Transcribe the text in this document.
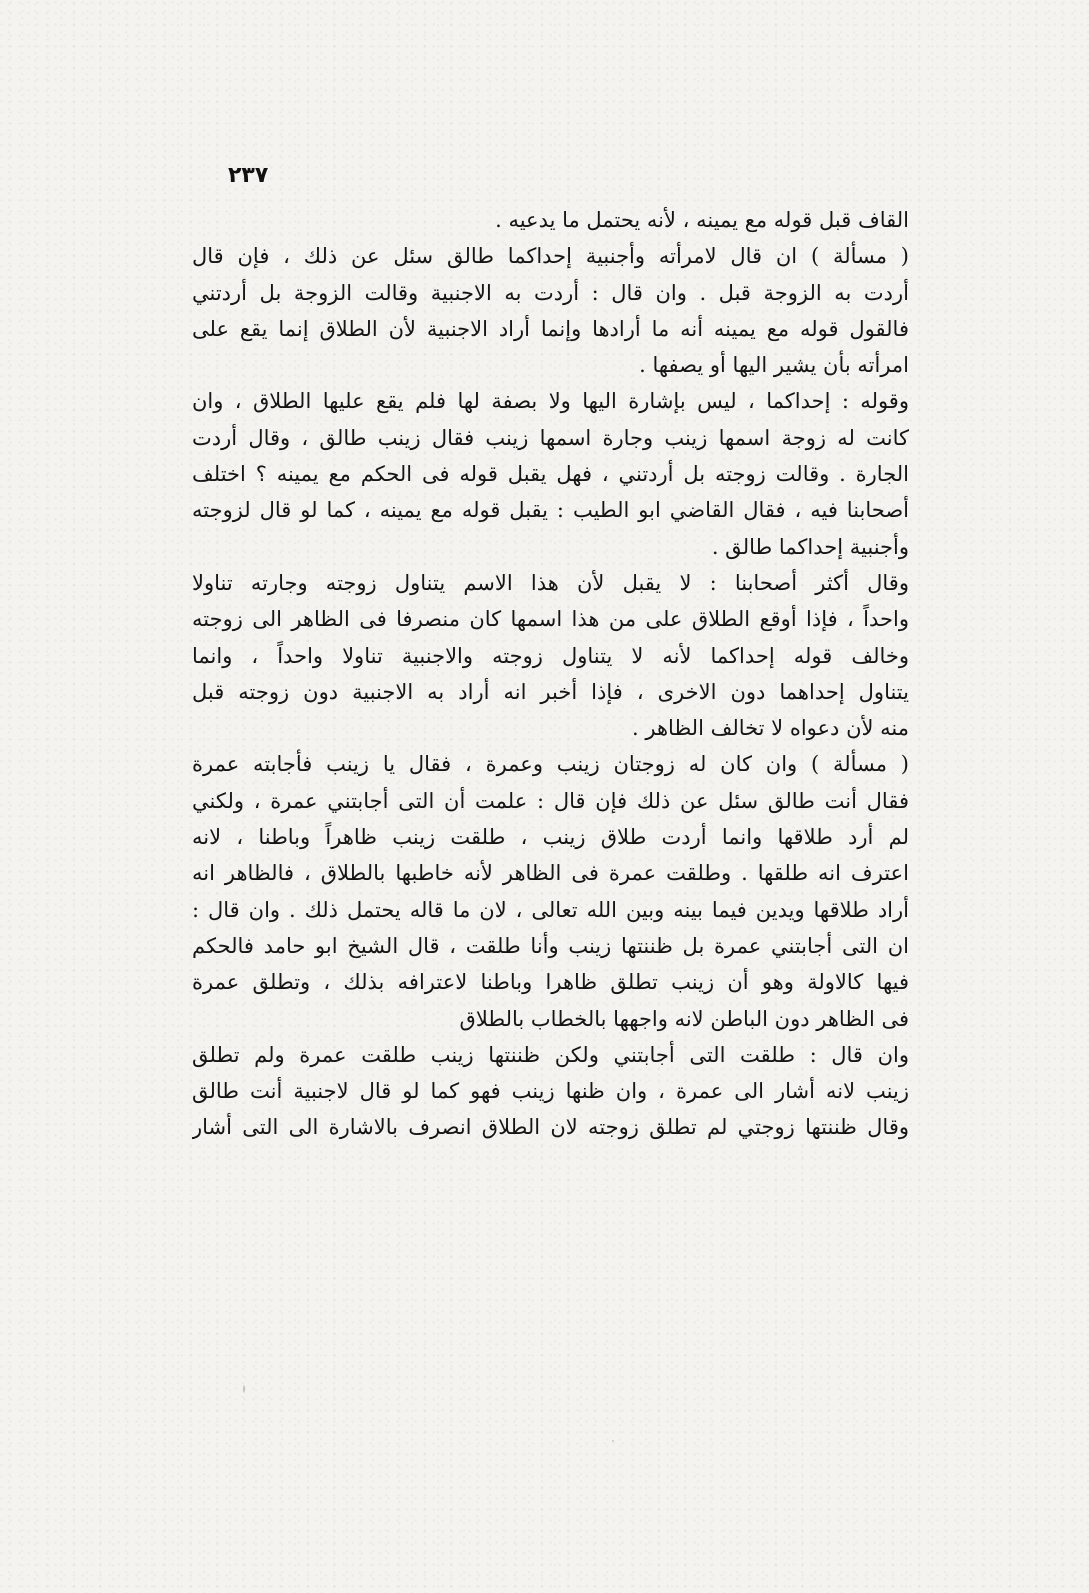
٢٣٧
القاف قبل قوله مع يمينه ، لأنه يحتمل ما يدعيه .
( مسألة ) ان قال لامرأته وأجنبية إحداكما طالق سئل عن ذلك ، فإن قال
أردت به الزوجة قبل . وان قال : أردت به الاجنبية وقالت الزوجة بل أردتني
فالقول قوله مع يمينه أنه ما أرادها وإنما أراد الاجنبية لأن الطلاق إنما يقع على
امرأته بأن يشير اليها أو يصفها .
وقوله : إحداكما ، ليس بإشارة اليها ولا بصفة لها فلم يقع عليها الطلاق ، وان
كانت له زوجة اسمها زينب وجارة اسمها زينب فقال زينب طالق ، وقال أردت
الجارة . وقالت زوجته بل أردتني ، فهل يقبل قوله فى الحكم مع يمينه ؟ اختلف
أصحابنا فيه ، فقال القاضي ابو الطيب : يقبل قوله مع يمينه ، كما لو قال لزوجته
وأجنبية إحداكما طالق .
وقال أكثر أصحابنا : لا يقبل لأن هذا الاسم يتناول زوجته وجارته تناولا
واحداً ، فإذا أوقع الطلاق على من هذا اسمها كان منصرفا فى الظاهر الى زوجته
وخالف قوله إحداكما لأنه لا يتناول زوجته والاجنبية تناولا واحداً ، وانما
يتناول إحداهما دون الاخرى ، فإذا أخبر انه أراد به الاجنبية دون زوجته قبل
منه لأن دعواه لا تخالف الظاهر .
( مسألة ) وان كان له زوجتان زينب وعمرة ، فقال يا زينب فأجابته عمرة
فقال أنت طالق سئل عن ذلك فإن قال : علمت أن التى أجابتني عمرة ، ولكني
لم أرد طلاقها وانما أردت طلاق زينب ، طلقت زينب ظاهراً وباطنا ، لانه
اعترف انه طلقها . وطلقت عمرة فى الظاهر لأنه خاطبها بالطلاق ، فالظاهر انه
أراد طلاقها ويدين فيما بينه وبين الله تعالى ، لان ما قاله يحتمل ذلك . وان قال :
ان التى أجابتني عمرة بل ظننتها زينب وأنا طلقت ، قال الشيخ ابو حامد فالحكم
فيها كالاولة وهو أن زينب تطلق ظاهرا وباطنا لاعترافه بذلك ، وتطلق عمرة
فى الظاهر دون الباطن لانه واجهها بالخطاب بالطلاق
وان قال : طلقت التى أجابتني ولكن ظننتها زينب طلقت عمرة ولم تطلق
زينب لانه أشار الى عمرة ، وان ظنها زينب فهو كما لو قال لاجنبية أنت طالق
وقال ظننتها زوجتي لم تطلق زوجته لان الطلاق انصرف بالاشارة الى التى أشار
